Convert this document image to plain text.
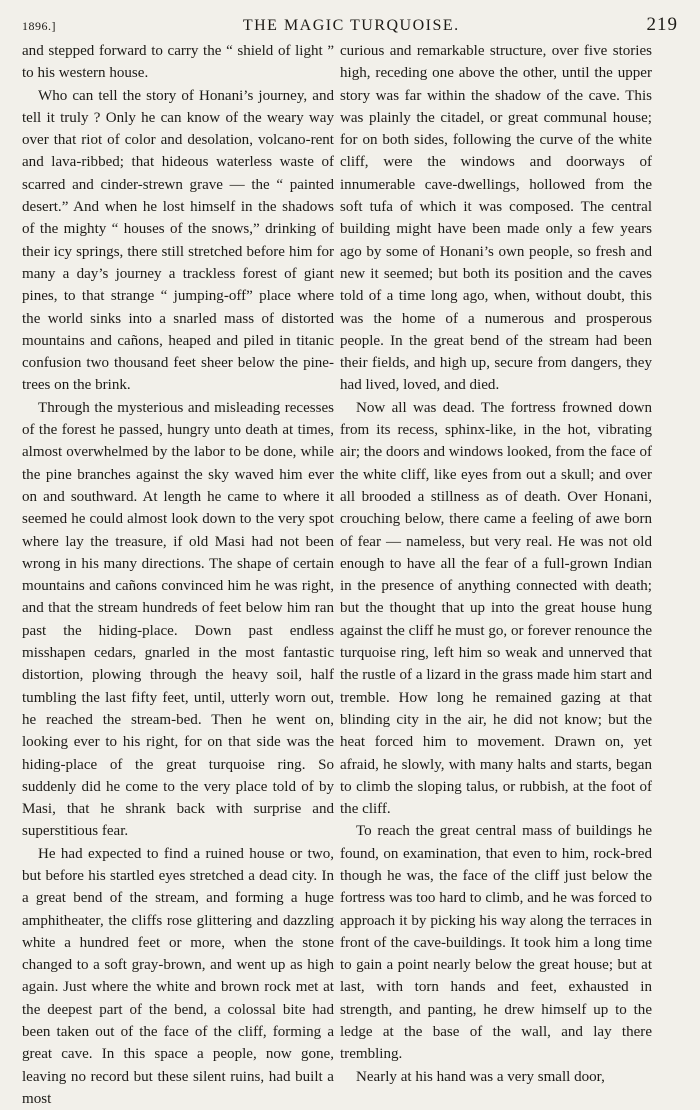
1896.]	THE MAGIC TURQUOISE.	219

and stepped forward to carry the “ shield of light ” to his western house.

Who can tell the story of Honani’s journey, and tell it truly ? Only he can know of the weary way over that riot of color and desolation, volcano-rent and lava-ribbed; that hideous waterless waste of scarred and cinder-strewn grave — the “ painted desert.” And when he lost himself in the shadows of the mighty “ houses of the snows,” drinking of their icy springs, there still stretched before him for many a day’s journey a trackless forest of giant pines, to that strange “ jumping-off” place where the world sinks into a snarled mass of distorted mountains and cañons, heaped and piled in titanic confusion two thousand feet sheer below the pine-trees on the brink.

Through the mysterious and misleading recesses of the forest he passed, hungry unto death at times, almost overwhelmed by the labor to be done, while the pine branches against the sky waved him ever on and southward. At length he came to where it seemed he could almost look down to the very spot where lay the treasure, if old Masi had not been wrong in his many directions. The shape of certain mountains and cañons convinced him he was right, and that the stream hundreds of feet below him ran past the hiding-place. Down past endless misshapen cedars, gnarled in the most fantastic distortion, plowing through the heavy soil, half tumbling the last fifty feet, until, utterly worn out, he reached the stream-bed. Then he went on, looking ever to his right, for on that side was the hiding-place of the great turquoise ring. So suddenly did he come to the very place told of by Masi, that he shrank back with surprise and superstitious fear.

He had expected to find a ruined house or two, but before his startled eyes stretched a dead city. In a great bend of the stream, and forming a huge amphitheater, the cliffs rose glittering and dazzling white a hundred feet or more, when the stone changed to a soft gray-brown, and went up as high again. Just where the white and brown rock met at the deepest part of the bend, a colossal bite had been taken out of the face of the cliff, forming a great cave. In this space a people, now gone, leaving no record but these silent ruins, had built a most

curious and remarkable structure, over five stories high, receding one above the other, until the upper story was far within the shadow of the cave. This was plainly the citadel, or great communal house; for on both sides, following the curve of the white cliff, were the windows and doorways of innumerable cave-dwellings, hollowed from the soft tufa of which it was composed. The central building might have been made only a few years ago by some of Honani’s own people, so fresh and new it seemed; but both its position and the caves told of a time long ago, when, without doubt, this was the home of a numerous and prosperous people. In the great bend of the stream had been their fields, and high up, secure from dangers, they had lived, loved, and died.

Now all was dead. The fortress frowned down from its recess, sphinx-like, in the hot, vibrating air; the doors and windows looked, from the face of the white cliff, like eyes from out a skull; and over all brooded a stillness as of death. Over Honani, crouching below, there came a feeling of awe born of fear — nameless, but very real. He was not old enough to have all the fear of a full-grown Indian in the presence of anything connected with death; but the thought that up into the great house hung against the cliff he must go, or forever renounce the turquoise ring, left him so weak and unnerved that the rustle of a lizard in the grass made him start and tremble. How long he remained gazing at that blinding city in the air, he did not know; but the heat forced him to movement. Drawn on, yet afraid, he slowly, with many halts and starts, began to climb the sloping talus, or rubbish, at the foot of the cliff.

To reach the great central mass of buildings he found, on examination, that even to him, rock-bred though he was, the face of the cliff just below the fortress was too hard to climb, and he was forced to approach it by picking his way along the terraces in front of the cave-buildings. It took him a long time to gain a point nearly below the great house; but at last, with torn hands and feet, exhausted in strength, and panting, he drew himself up to the ledge at the base of the wall, and lay there trembling.

Nearly at his hand was a very small door,
